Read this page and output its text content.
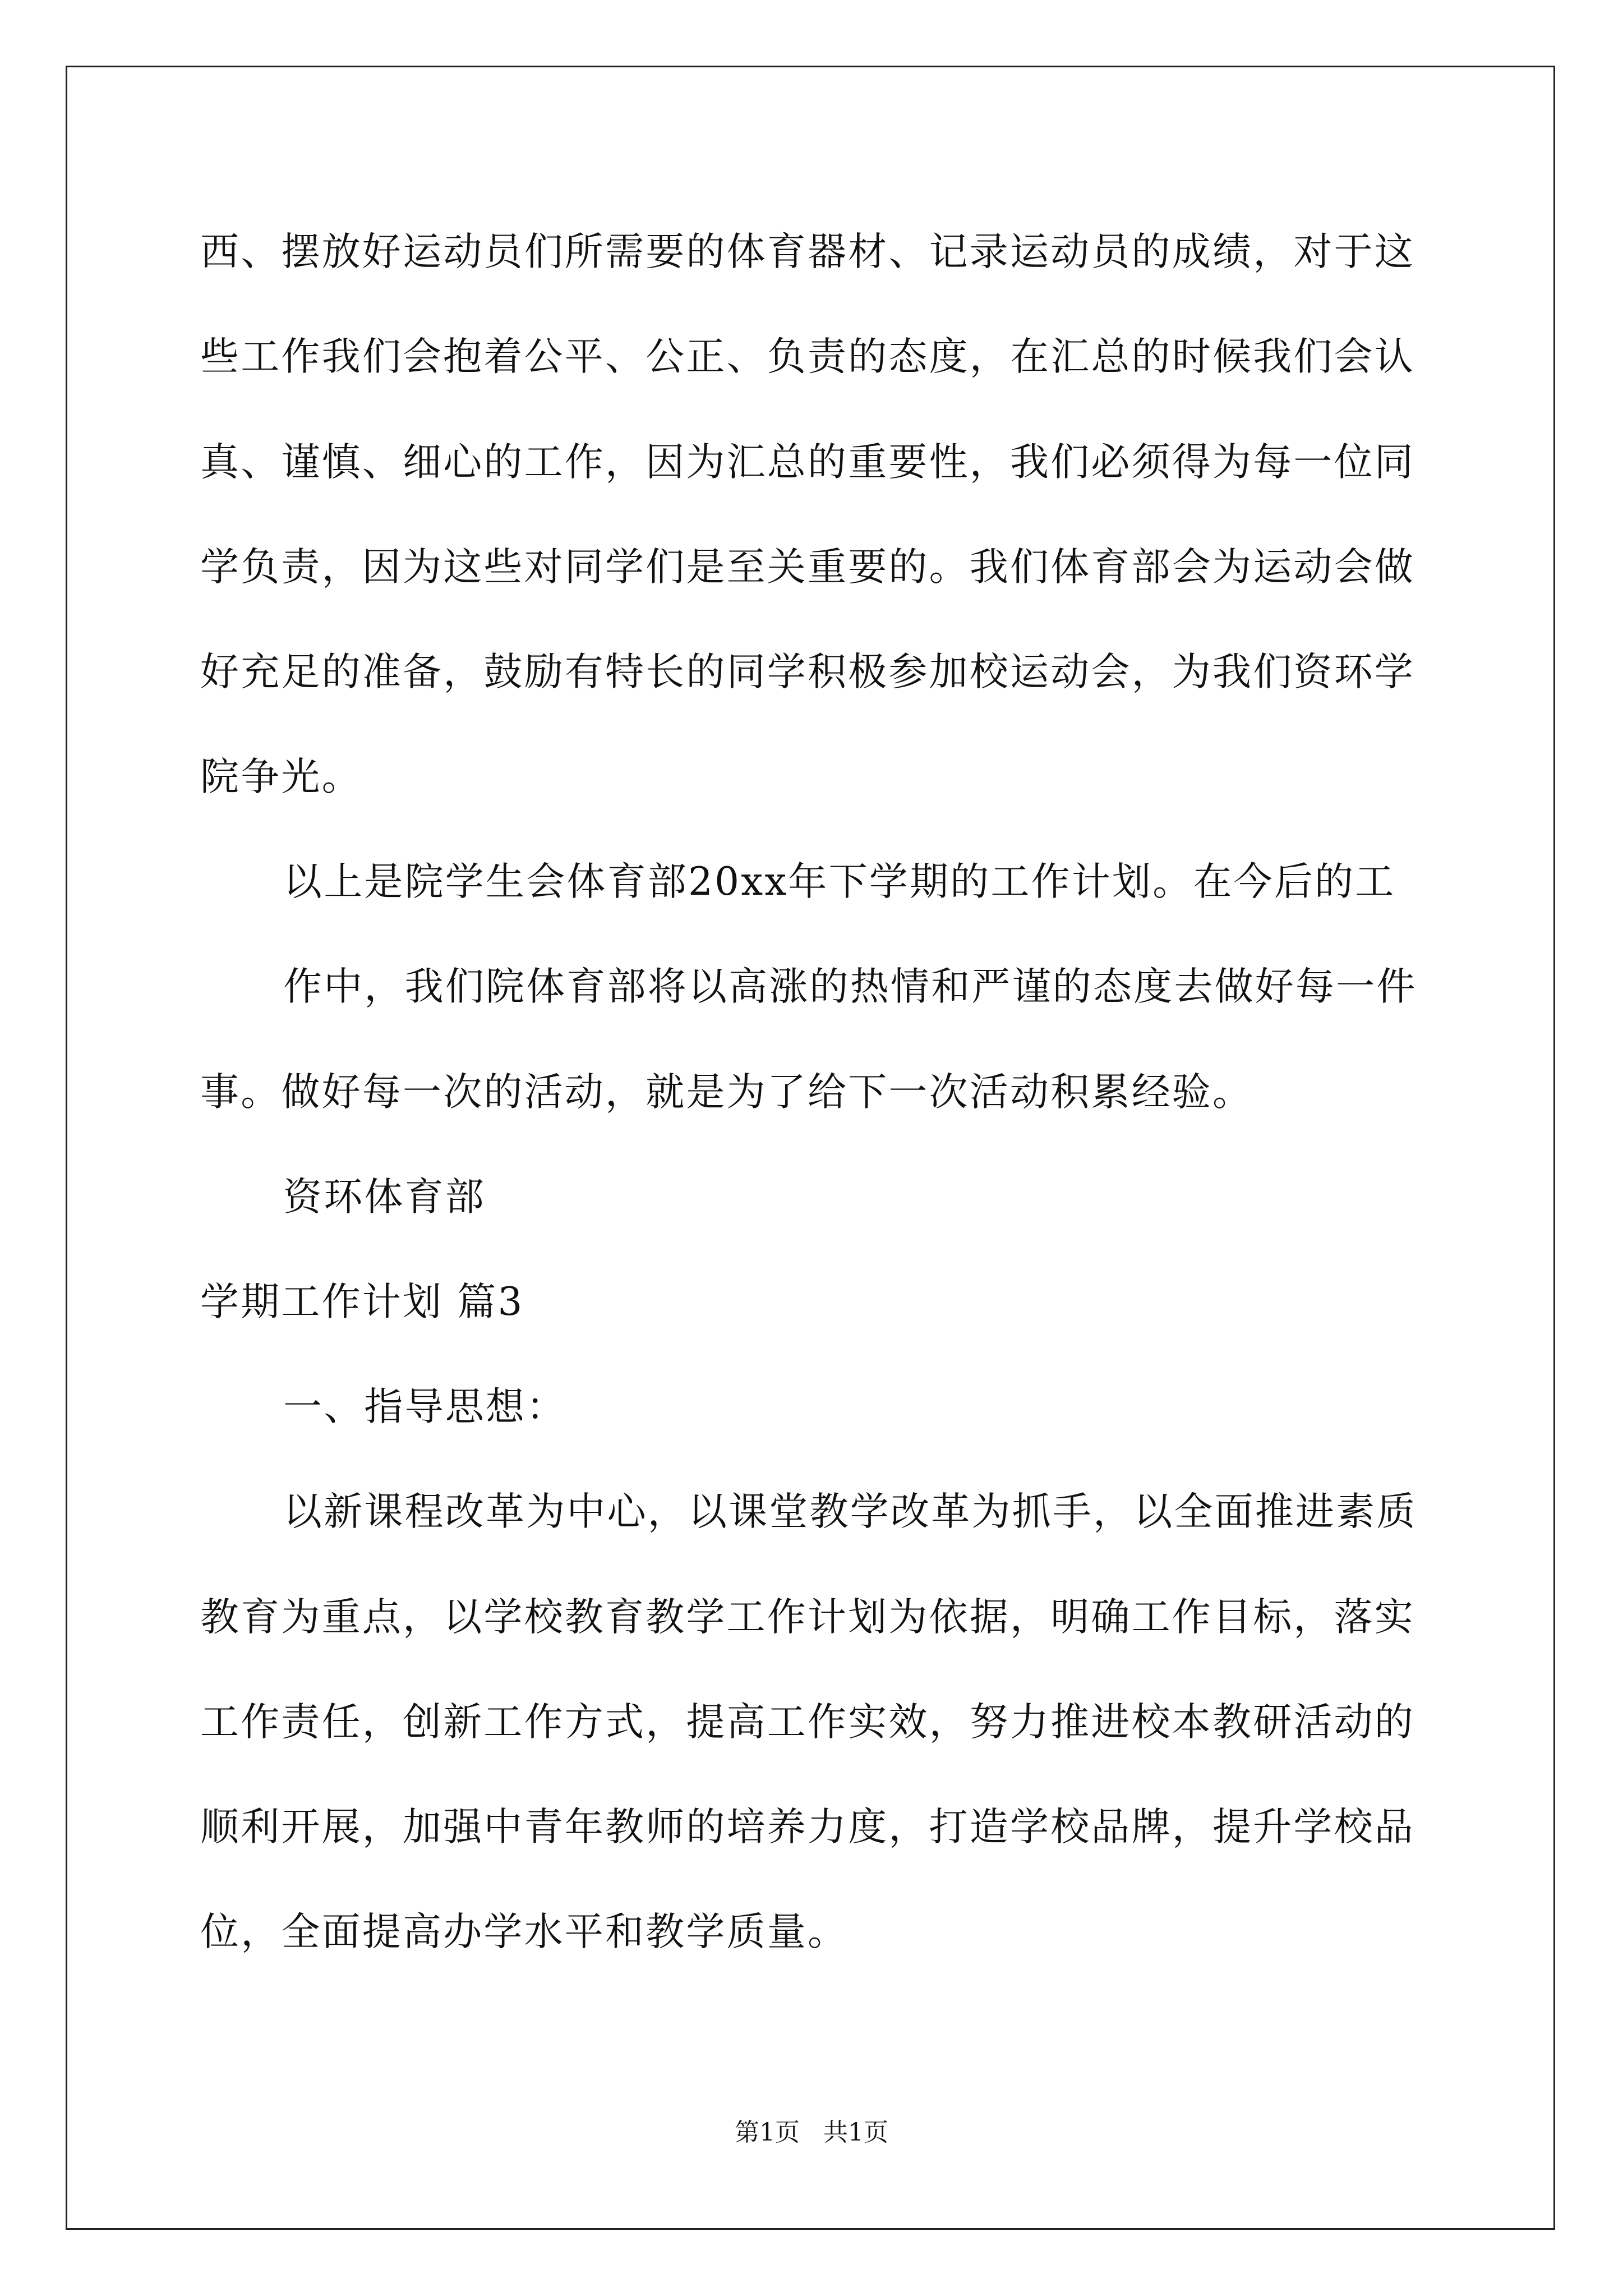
西、摆放好运动员们所需要的体育器材、记录运动员的成绩，对于这
些工作我们会抱着公平、公正、负责的态度，在汇总的时候我们会认
真、谨慎、细心的工作，因为汇总的重要性，我们必须得为每一位同
学负责，因为这些对同学们是至关重要的。我们体育部会为运动会做
好充足的准备，鼓励有特长的同学积极参加校运动会，为我们资环学
院争光。
以上是院学生会体育部20xx年下学期的工作计划。在今后的工
作中，我们院体育部将以高涨的热情和严谨的态度去做好每一件
事。做好每一次的活动，就是为了给下一次活动积累经验。
资环体育部
学期工作计划 篇3
一、指导思想：
以新课程改革为中心，以课堂教学改革为抓手，以全面推进素质
教育为重点，以学校教育教学工作计划为依据，明确工作目标，落实
工作责任，创新工作方式，提高工作实效，努力推进校本教研活动的
顺利开展，加强中青年教师的培养力度，打造学校品牌，提升学校品
位，全面提高办学水平和教学质量。
第1页   共1页
